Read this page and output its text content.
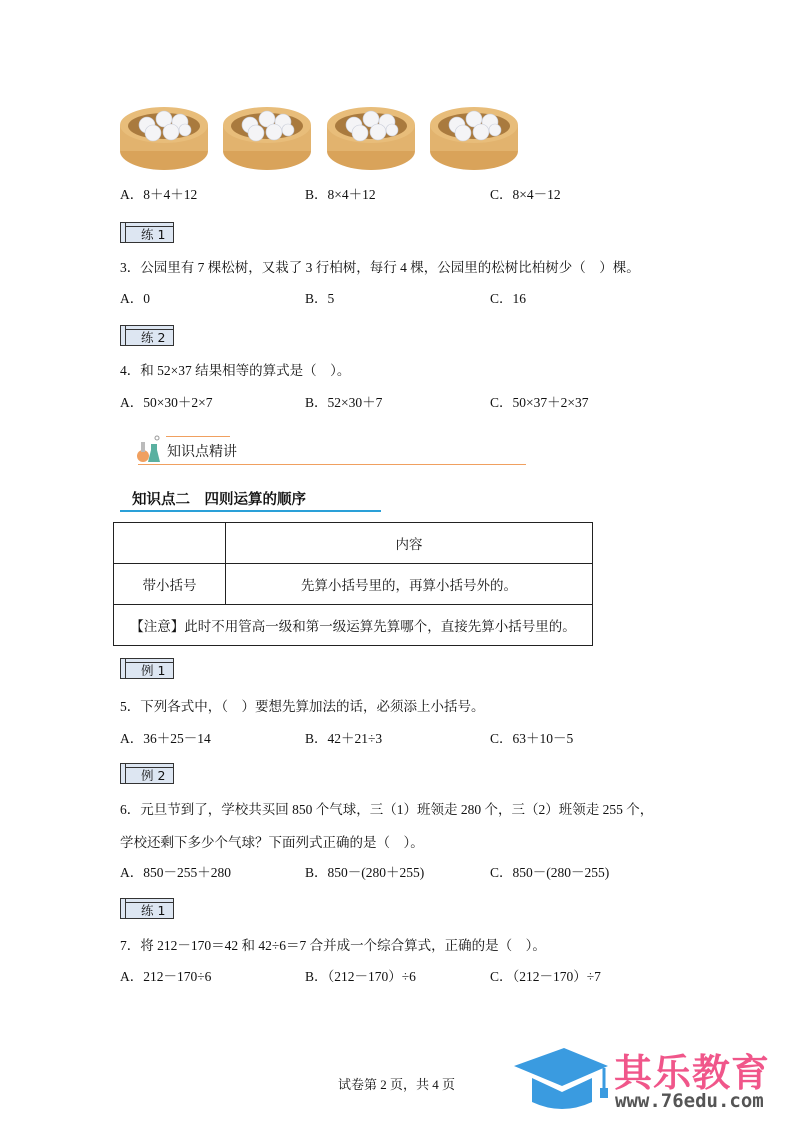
A．8＋4＋12	B．8×4＋12	C．8×4－12
练 1
3．公园里有 7 棵松树，又栽了 3 行柏树，每行 4 棵，公园里的松树比柏树少（　）棵。
A．0	B．5	C．16
练 2
4．和 52×37 结果相等的算式是（　）。
A．50×30＋2×7	B．52×30＋7	C．50×37＋2×37
知识点精讲
知识点二　四则运算的顺序
	内容
带小括号	先算小括号里的，再算小括号外的。
【注意】此时不用管高一级和第一级运算先算哪个，直接先算小括号里的。	
例 1
5．下列各式中，（　）要想先算加法的话，必须添上小括号。
A．36＋25－14	B．42＋21÷3	C．63＋10－5
例 2
6．元旦节到了，学校共买回 850 个气球，三（1）班领走 280 个，三（2）班领走 255 个，
学校还剩下多少个气球？下面列式正确的是（　）。
A．850－255＋280	B．850－(280＋255)	C．850－(280－255)
练 1
7．将 212－170＝42 和 42÷6＝7 合并成一个综合算式，正确的是（　）。
A．212－170÷6	B．（212－170）÷6	C．（212－170）÷7
试卷第 2 页，共 4 页	其乐教育
www.76edu.com
